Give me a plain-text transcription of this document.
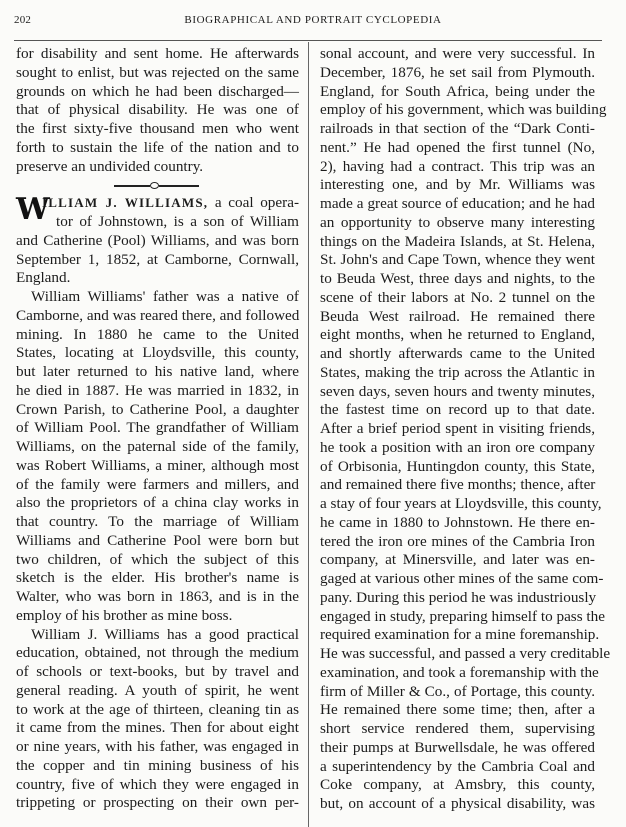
202	BIOGRAPHICAL AND PORTRAIT CYCLOPEDIA
for disability and sent home. He afterwards
sought to enlist, but was rejected on the same
grounds on which he had been discharged—
that of physical disability. He was one of
the first sixty-five thousand men who went
forth to sustain the life of the nation and to
preserve an undivided country.
W
ILLIAM J. WILLIAMS, a coal opera-
tor of Johnstown, is a son of William
and Catherine (Pool) Williams, and was born
September 1, 1852, at Camborne, Cornwall,
England.
William Williams' father was a native of
Camborne, and was reared there, and followed
mining. In 1880 he came to the United
States, locating at Lloydsville, this county,
but later returned to his native land, where
he died in 1887. He was married in 1832, in
Crown Parish, to Catherine Pool, a daughter
of William Pool. The grandfather of William
Williams, on the paternal side of the family,
was Robert Williams, a miner, although most
of the family were farmers and millers, and
also the proprietors of a china clay works in
that country. To the marriage of William
Williams and Catherine Pool were born but
two children, of which the subject of this
sketch is the elder. His brother's name is
Walter, who was born in 1863, and is in the
employ of his brother as mine boss.
William J. Williams has a good practical
education, obtained, not through the medium
of schools or text-books, but by travel and
general reading. A youth of spirit, he went
to work at the age of thirteen, cleaning tin as
it came from the mines. Then for about eight
or nine years, with his father, was engaged in
the copper and tin mining business of his
country, five of which they were engaged in
trippeting or prospecting on their own per-
sonal account, and were very successful. In
December, 1876, he set sail from Plymouth.
England, for South Africa, being under the
employ of his government, which was building
railroads in that section of the “Dark Conti-
nent.” He had opened the first tunnel (No,
2), having had a contract. This trip was an
interesting one, and by Mr. Williams was
made a great source of education; and he had
an opportunity to observe many interesting
things on the Madeira Islands, at St. Helena,
St. John's and Cape Town, whence they went
to Beuda West, three days and nights, to the
scene of their labors at No. 2 tunnel on the
Beuda West railroad. He remained there
eight months, when he returned to England,
and shortly afterwards came to the United
States, making the trip across the Atlantic in
seven days, seven hours and twenty minutes,
the fastest time on record up to that date.
After a brief period spent in visiting friends,
he took a position with an iron ore company
of Orbisonia, Huntingdon county, this State,
and remained there five months; thence, after
a stay of four years at Lloydsville, this county,
he came in 1880 to Johnstown. He there en-
tered the iron ore mines of the Cambria Iron
company, at Minersville, and later was en-
gaged at various other mines of the same com-
pany. During this period he was industriously
engaged in study, preparing himself to pass the
required examination for a mine foremanship.
He was successful, and passed a very creditable
examination, and took a foremanship with the
firm of Miller & Co., of Portage, this county.
He remained there some time; then, after a
short service rendered them, supervising
their pumps at Burwellsdale, he was offered
a superintendency by the Cambria Coal and
Coke company, at Amsbry, this county,
but, on account of a physical disability, was
